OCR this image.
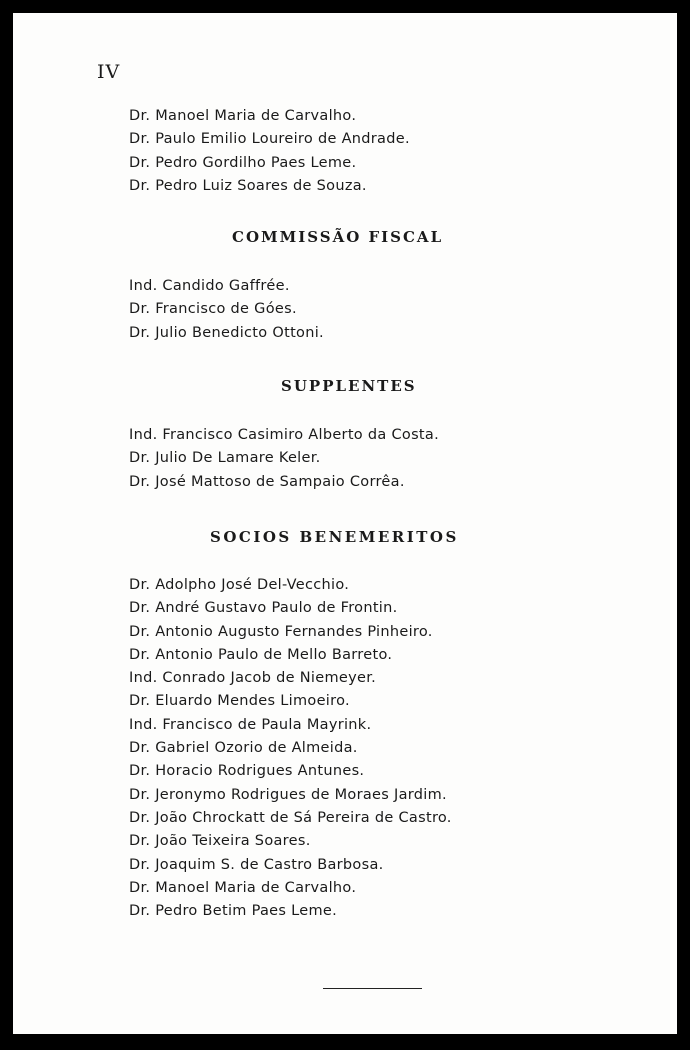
IV

Dr. Manoel Maria de Carvalho.
Dr. Paulo Emilio Loureiro de Andrade.
Dr. Pedro Gordilho Paes Leme.
Dr. Pedro Luiz Soares de Souza.
COMMISSÃO FISCAL
Ind. Candido Gaffrée.
Dr. Francisco de Góes.
Dr. Julio Benedicto Ottoni.
SUPPLENTES
Ind. Francisco Casimiro Alberto da Costa.
Dr. Julio De Lamare Keler.
Dr. José Mattoso de Sampaio Corrêa.
SOCIOS BENEMERITOS
Dr. Adolpho José Del-Vecchio.
Dr. André Gustavo Paulo de Frontin.
Dr. Antonio Augusto Fernandes Pinheiro.
Dr. Antonio Paulo de Mello Barreto.
Ind. Conrado Jacob de Niemeyer.
Dr. Eluardo Mendes Limoeiro.
Ind. Francisco de Paula Mayrink.
Dr. Gabriel Ozorio de Almeida.
Dr. Horacio Rodrigues Antunes.
Dr. Jeronymo Rodrigues de Moraes Jardim.
Dr. João Chrockatt de Sá Pereira de Castro.
Dr. João Teixeira Soares.
Dr. Joaquim S. de Castro Barbosa.
Dr. Manoel Maria de Carvalho.
Dr. Pedro Betim Paes Leme.
